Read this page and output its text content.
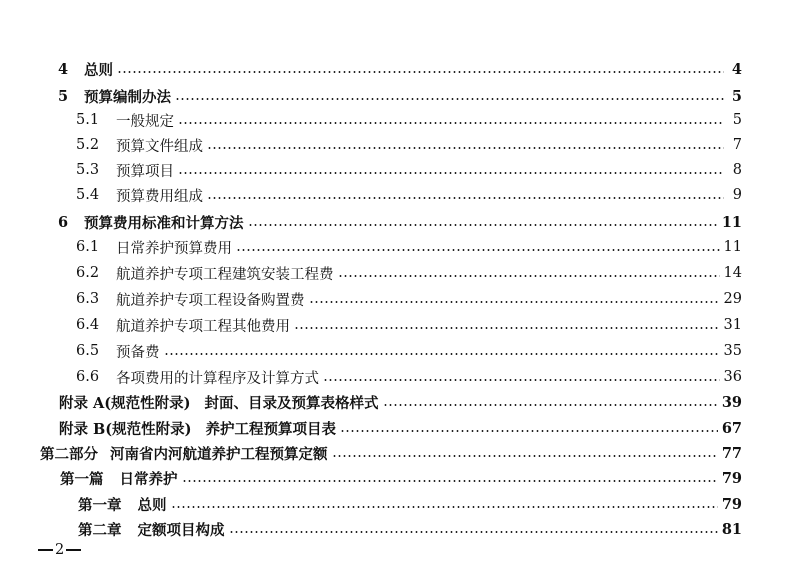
4	总则	4
5	预算编制办法	5
5.1	一般规定	5
5.2	预算文件组成	7
5.3	预算项目	8
5.4	预算费用组成	9
6	预算费用标准和计算方法	11
6.1	日常养护预算费用	11
6.2	航道养护专项工程建筑安装工程费	14
6.3	航道养护专项工程设备购置费	29
6.4	航道养护专项工程其他费用	31
6.5	预备费	35
6.6	各项费用的计算程序及计算方式	36
附录 A(规范性附录) 封面、目录及预算表格样式	39
附录 B(规范性附录) 养护工程预算项目表	67
第二部分 河南省内河航道养护工程预算定额	77
第一篇	日常养护	79
第一章	总则	79
第二章	定额项目构成	81
2
